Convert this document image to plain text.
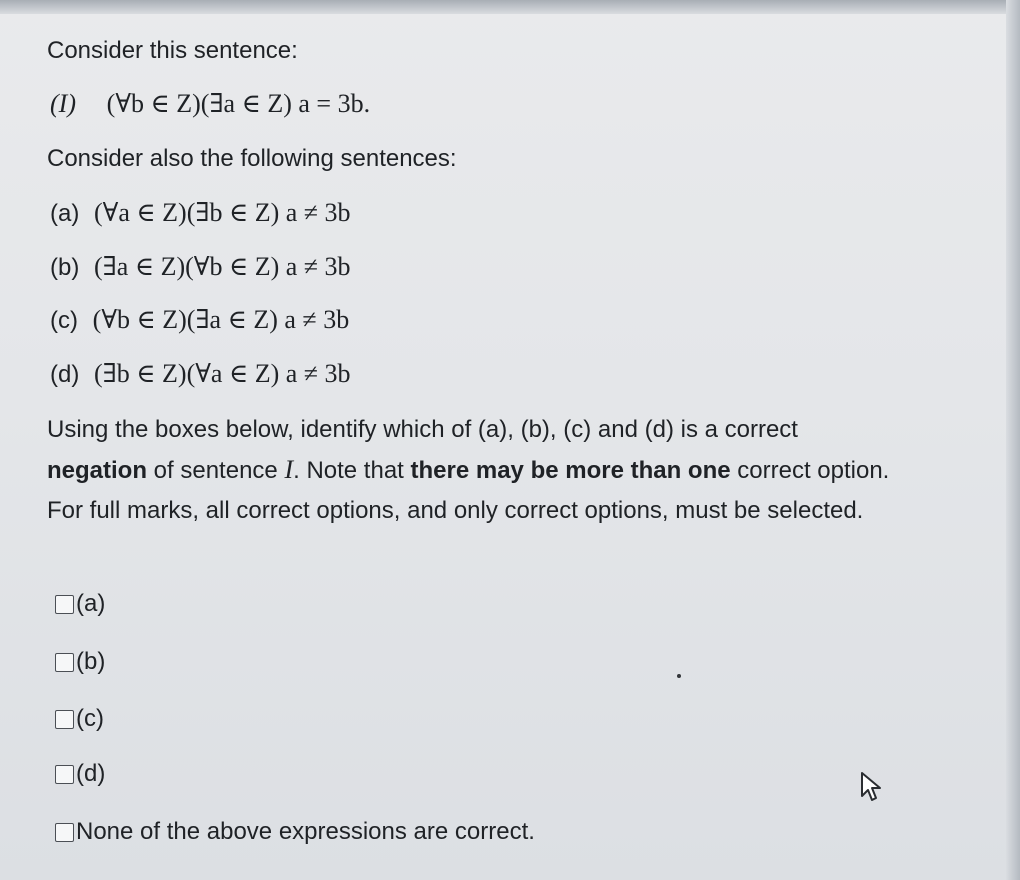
Consider this sentence:

(I) (∀b ∈ Z)(∃a ∈ Z) a = 3b.

Consider also the following sentences:

(a) (∀a ∈ Z)(∃b ∈ Z) a ≠ 3b
(b) (∃a ∈ Z)(∀b ∈ Z) a ≠ 3b
(c) (∀b ∈ Z)(∃a ∈ Z) a ≠ 3b
(d) (∃b ∈ Z)(∀a ∈ Z) a ≠ 3b
Using the boxes below, identify which of (a), (b), (c) and (d) is a correct negation of sentence I. Note that there may be more than one correct option. For full marks, all correct options, and only correct options, must be selected.
(a)
(b)
(c)
(d)
None of the above expressions are correct.
